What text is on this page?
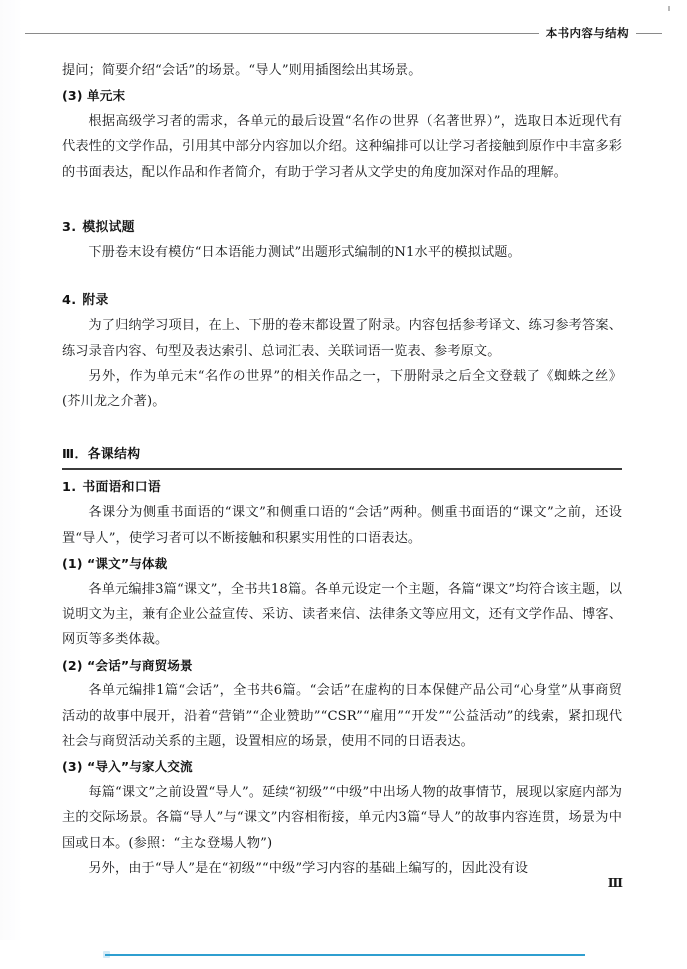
本书内容与结构

提问；简要介绍“会话”的场景。“导人”则用插图绘出其场景。

(3) 单元末

根据高级学习者的需求，各单元的最后设置“名作の世界（名著世界）”，选取日本近现代有代表性的文学作品，引用其中部分内容加以介绍。这种编排可以让学习者接触到原作中丰富多彩的书面表达，配以作品和作者简介，有助于学习者从文学史的角度加深对作品的理解。

3. 模拟试题

下册卷末设有模仿“日本语能力测试”出题形式编制的N1水平的模拟试题。

4. 附录

为了归纳学习项目，在上、下册的卷末都设置了附录。内容包括参考译文、练习参考答案、练习录音内容、句型及表达索引、总词汇表、关联词语一览表、参考原文。

另外，作为单元末“名作の世界”的相关作品之一，下册附录之后全文登载了《蜘蛛之丝》(芥川龙之介著)。

Ⅲ．各课结构
1. 书面语和口语

各课分为侧重书面语的“课文”和侧重口语的“会话”两种。侧重书面语的“课文”之前，还设置“导人”，使学习者可以不断接触和积累实用性的口语表达。

(1) “课文”与体裁

各单元编排3篇“课文”，全书共18篇。各单元设定一个主题，各篇“课文”均符合该主题，以说明文为主，兼有企业公益宣传、采访、读者来信、法律条文等应用文，还有文学作品、博客、网页等多类体裁。

(2) “会话”与商贸场景

各单元编排1篇“会话”，全书共6篇。“会话”在虚构的日本保健产品公司“心身堂”从事商贸活动的故事中展开，沿着“营销”“企业赞助”“CSR”“雇用”“开发”“公益活动”的线索，紧扣现代社会与商贸活动关系的主题，设置相应的场景，使用不同的日语表达。

(3) “导入”与家人交流

每篇“课文”之前设置“导人”。延续“初级”“中级”中出场人物的故事情节，展现以家庭内部为主的交际场景。各篇“导人”与“课文”内容相衔接，单元内3篇“导人”的故事内容连贯，场景为中国或日本。(参照：“主な登場人物”)

另外，由于“导人”是在“初级”“中级”学习内容的基础上编写的，因此没有设

Ⅲ
